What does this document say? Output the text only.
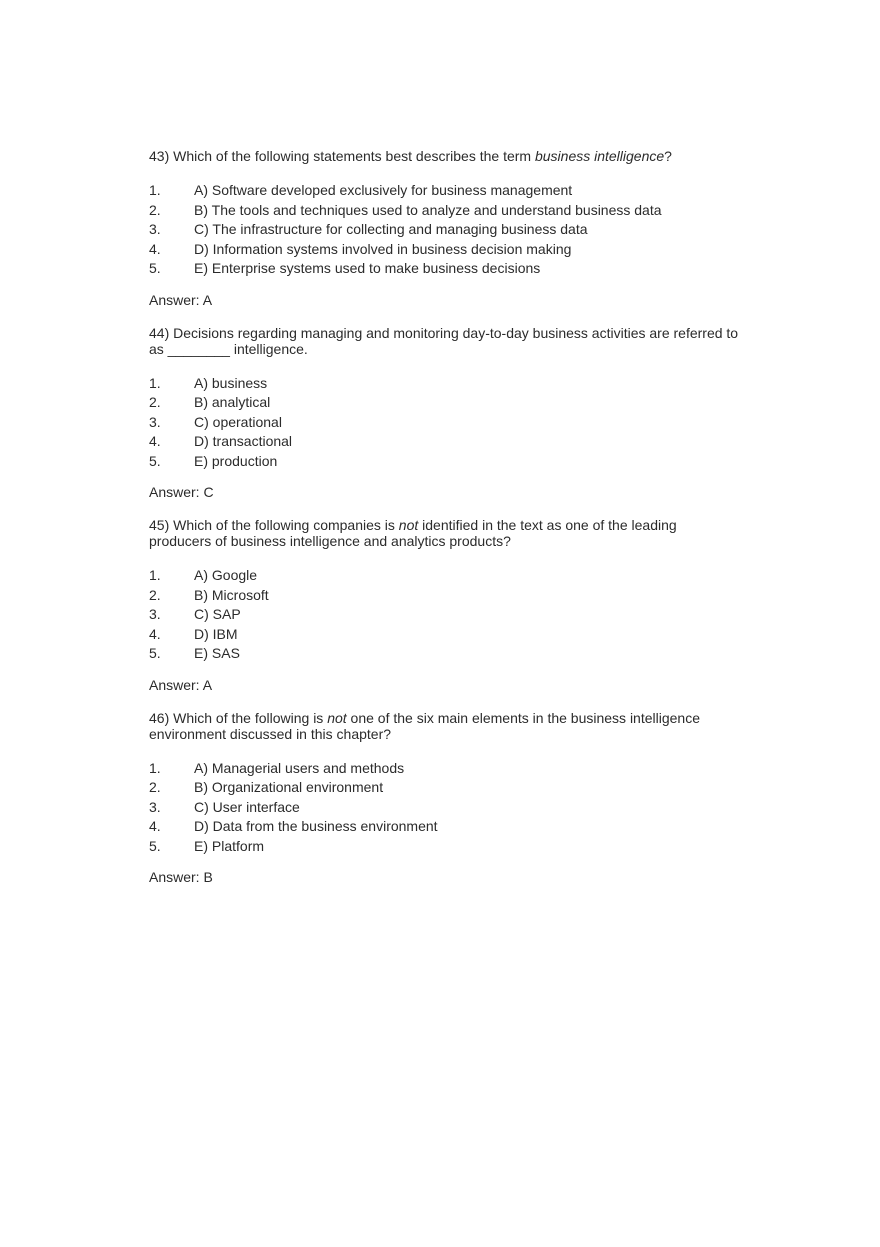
43) Which of the following statements best describes the term business intelligence?

1.	A) Software developed exclusively for business management
2.	B) The tools and techniques used to analyze and understand business data
3.	C) The infrastructure for collecting and managing business data
4.	D) Information systems involved in business decision making
5.	E) Enterprise systems used to make business decisions

Answer: A

44) Decisions regarding managing and monitoring day-to-day business activities are referred to as ________ intelligence.

1.	A) business
2.	B) analytical
3.	C) operational
4.	D) transactional
5.	E) production

Answer: C

45) Which of the following companies is not identified in the text as one of the leading producers of business intelligence and analytics products?

1.	A) Google
2.	B) Microsoft
3.	C) SAP
4.	D) IBM
5.	E) SAS

Answer: A

46) Which of the following is not one of the six main elements in the business intelligence environment discussed in this chapter?

1.	A) Managerial users and methods
2.	B) Organizational environment
3.	C) User interface
4.	D) Data from the business environment
5.	E) Platform

Answer: B
